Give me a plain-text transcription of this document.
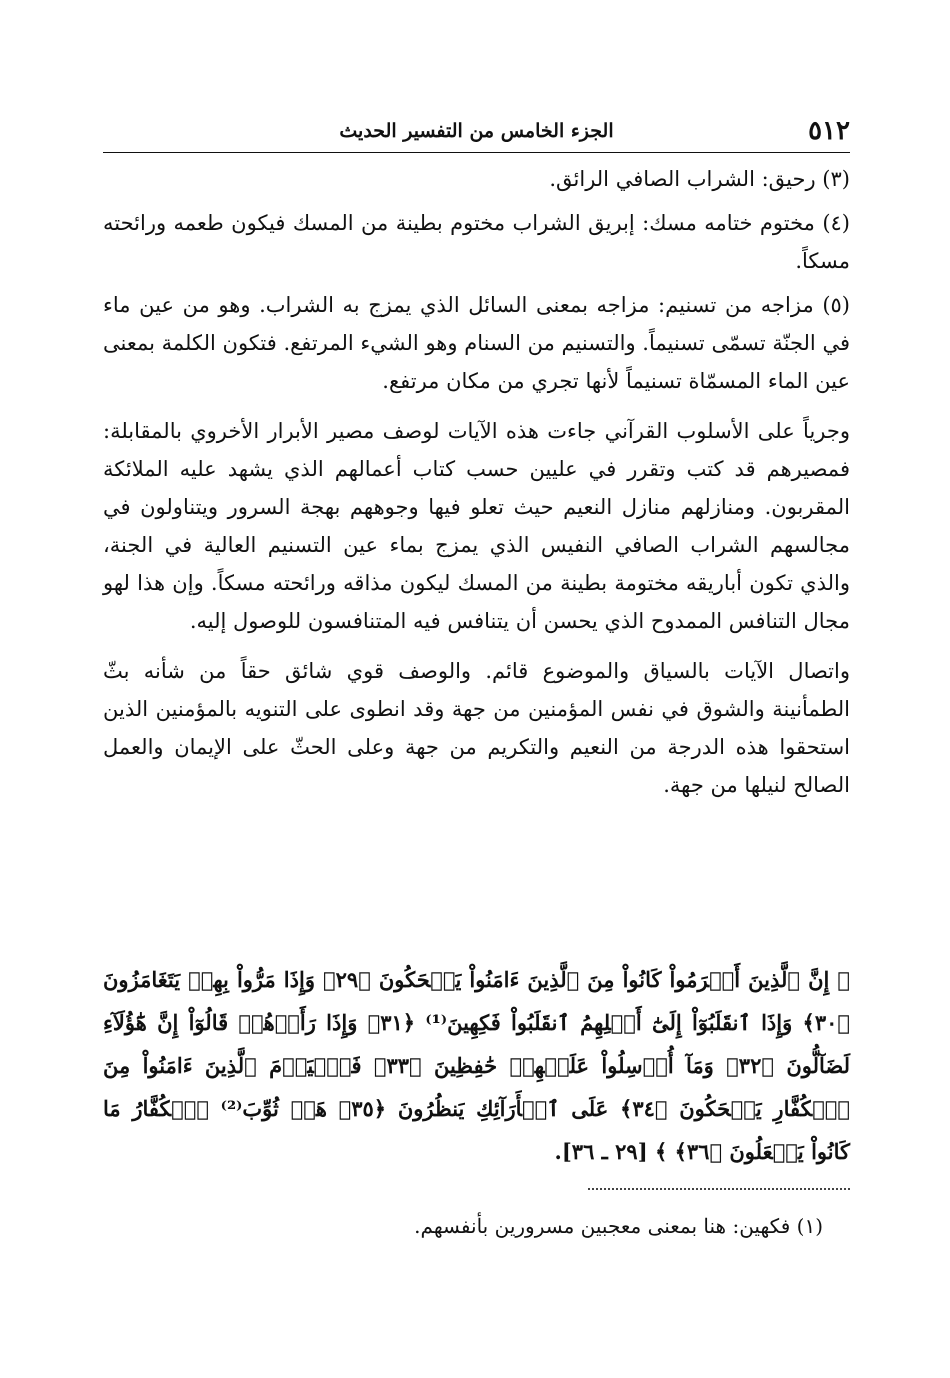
٥١٢
الجزء الخامس من التفسير الحديث

(٣) رحيق: الشراب الصافي الرائق.

(٤) مختوم ختامه مسك: إبريق الشراب مختوم بطينة من المسك فيكون طعمه ورائحته مسكاً.

(٥) مزاجه من تسنيم: مزاجه بمعنى السائل الذي يمزج به الشراب. وهو من عين ماء في الجنّة تسمّى تسنيماً. والتسنيم من السنام وهو الشيء المرتفع. فتكون الكلمة بمعنى عين الماء المسمّاة تسنيماً لأنها تجري من مكان مرتفع.

وجرياً على الأسلوب القرآني جاءت هذه الآيات لوصف مصير الأبرار الأخروي بالمقابلة: فمصيرهم قد كتب وتقرر في عليين حسب كتاب أعمالهم الذي يشهد عليه الملائكة المقربون. ومنازلهم منازل النعيم حيث تعلو فيها وجوههم بهجة السرور ويتناولون في مجالسهم الشراب الصافي النفيس الذي يمزج بماء عين التسنيم العالية في الجنة، والذي تكون أباريقه مختومة بطينة من المسك ليكون مذاقه ورائحته مسكاً. وإن هذا لهو مجال التنافس الممدوح الذي يحسن أن يتنافس فيه المتنافسون للوصول إليه.

واتصال الآيات بالسياق والموضوع قائم. والوصف قوي شائق حقاً من شأنه بثّ الطمأنينة والشوق في نفس المؤمنين من جهة وقد انطوى على التنويه بالمؤمنين الذين استحقوا هذه الدرجة من النعيم والتكريم من جهة وعلى الحثّ على الإيمان والعمل الصالح لنيلها من جهة.

﴿ إِنَّ ٱلَّذِينَ أَجۡرَمُواْ كَانُواْ مِنَ ٱلَّذِينَ ءَامَنُواْ يَضۡحَكُونَ ﴿٢٩﴾ وَإِذَا مَرُّواْ بِهِمۡ يَتَغَامَزُونَ ﴿٣٠﴾ وَإِذَا ٱنقَلَبُوٓاْ إِلَىٰٓ أَهۡلِهِمُ ٱنقَلَبُواْ فَكِهِينَ⁽¹⁾ ﴿٣١﴾ وَإِذَا رَأَوۡهُمۡ قَالُوٓاْ إِنَّ هَٰٓؤُلَآءِ لَضَآلُّونَ ﴿٣٢﴾ وَمَآ أُرۡسِلُواْ عَلَيۡهِمۡ حَٰفِظِينَ ﴿٣٣﴾ فَٱلۡيَوۡمَ ٱلَّذِينَ ءَامَنُواْ مِنَ ٱلۡكُفَّارِ يَضۡحَكُونَ ﴿٣٤﴾ عَلَى ٱلۡأَرَآئِكِ يَنظُرُونَ ﴿٣٥﴾ هَلۡ ثُوِّبَ⁽²⁾ ٱلۡكُفَّارُ مَا كَانُواْ يَفۡعَلُونَ ﴿٣٦﴾ ﴾ [٢٩ ـ ٣٦].
(١) فكهين: هنا بمعنى معجبين مسرورين بأنفسهم.
